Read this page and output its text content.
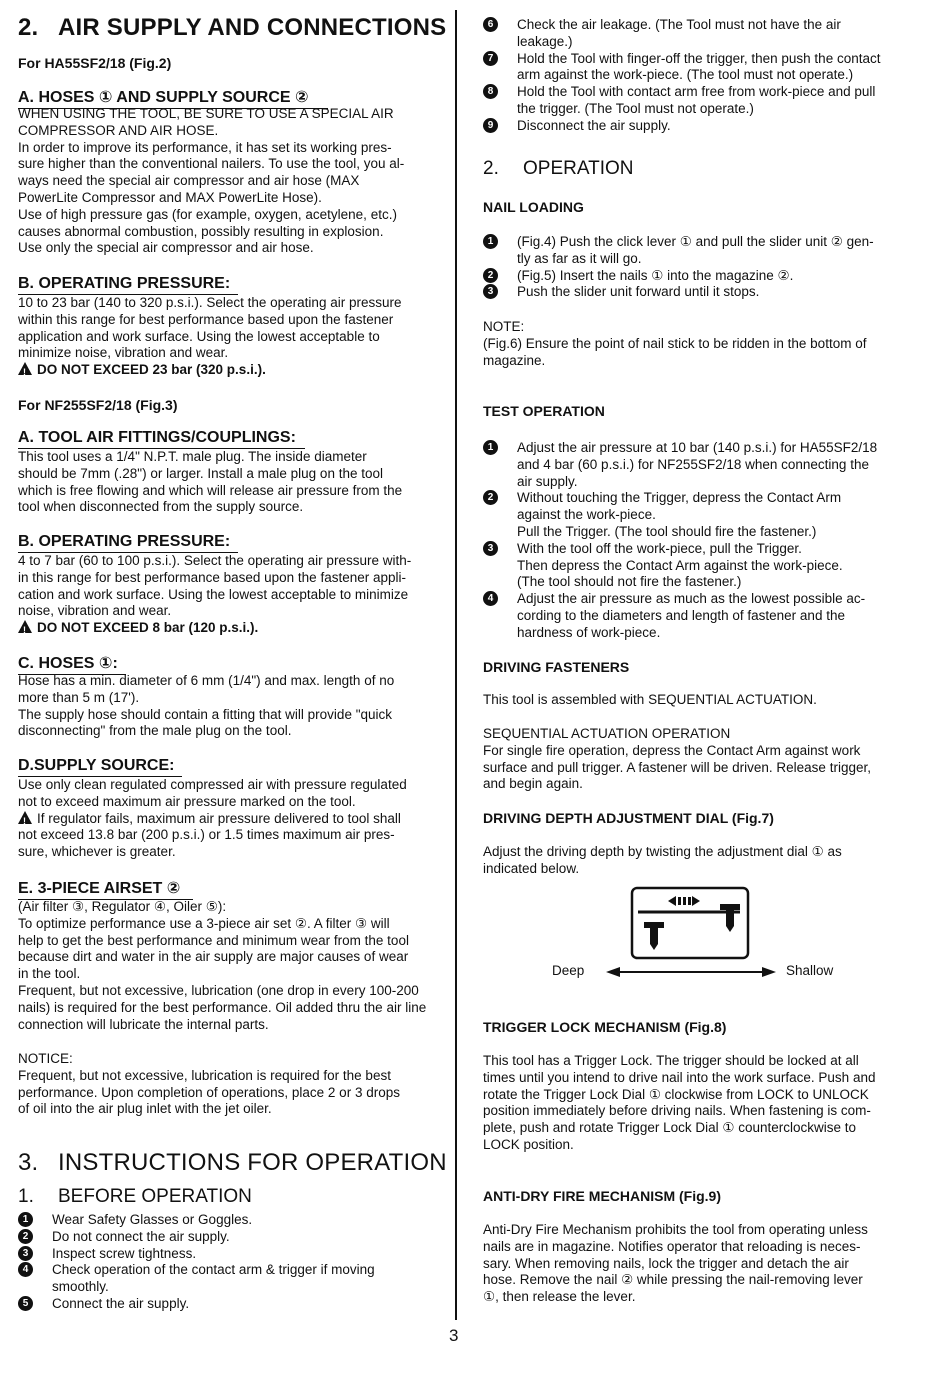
2. AIR SUPPLY AND CONNECTIONS
For HA55SF2/18 (Fig.2)
A. HOSES ① AND SUPPLY SOURCE ②
WHEN USING THE TOOL, BE SURE TO USE A SPECIAL AIR
COMPRESSOR AND AIR HOSE.
In order to improve its performance, it has set its working pres-
sure higher than the conventional nailers. To use the tool, you al-
ways need the special air compressor and air hose (MAX
PowerLite Compressor and MAX PowerLite Hose).
Use of high pressure gas (for example, oxygen, acetylene, etc.)
causes abnormal combustion, possibly resulting in explosion.
Use only the special air compressor and air hose.
B. OPERATING PRESSURE:
10 to 23 bar (140 to 320 p.s.i.). Select the operating air pressure
within this range for best performance based upon the fastener
application and work surface. Using the lowest acceptable to
minimize noise, vibration and wear.
!DO NOT EXCEED 23 bar (320 p.s.i.).
For NF255SF2/18 (Fig.3)
A. TOOL AIR FITTINGS/COUPLINGS:
This tool uses a 1/4" N.P.T. male plug. The inside diameter
should be 7mm (.28") or larger. Install a male plug on the tool
which is free flowing and which will release air pressure from the
tool when disconnected from the supply source.
B. OPERATING PRESSURE:
4 to 7 bar (60 to 100 p.s.i.). Select the operating air pressure with-
in this range for best performance based upon the fastener appli-
cation and work surface. Using the lowest acceptable to minimize
noise, vibration and wear.
!DO NOT EXCEED 8 bar (120 p.s.i.).
C. HOSES ①:
Hose has a min. diameter of 6 mm (1/4") and max. length of no
more than 5 m (17').
The supply hose should contain a fitting that will provide "quick
disconnecting" from the male plug on the tool.
D.SUPPLY SOURCE:
Use only clean regulated compressed air with pressure regulated
not to exceed maximum air pressure marked on the tool.
!If regulator fails, maximum air pressure delivered to tool shall
not exceed 13.8 bar (200 p.s.i.) or 1.5 times maximum air pres-
sure, whichever is greater.
E. 3-PIECE AIRSET ②
(Air filter ③, Regulator ④, Oiler ⑤):
To optimize performance use a 3-piece air set ②. A filter ③ will
help to get the best performance and minimum wear from the tool
because dirt and water in the air supply are major causes of wear
in the tool.
Frequent, but not excessive, lubrication (one drop in every 100-200
nails) is required for the best performance. Oil added thru the air line
connection will lubricate the internal parts.
NOTICE:
Frequent, but not excessive, lubrication is required for the best
performance. Upon completion of operations, place 2 or 3 drops
of oil into the air plug inlet with the jet oiler.
3. INSTRUCTIONS FOR OPERATION
1. BEFORE OPERATION
1	Wear Safety Glasses or Goggles.
2	Do not connect the air supply.
3	Inspect screw tightness.
4	Check operation of the contact arm & trigger if moving
smoothly.
5	Connect the air supply.
6	Check the air leakage. (The Tool must not have the air
leakage.)
7	Hold the Tool with finger-off the trigger, then push the contact
arm against the work-piece. (The tool must not operate.)
8	Hold the Tool with contact arm free from work-piece and pull
the trigger. (The Tool must not operate.)
9	Disconnect the air supply.
2. OPERATION
NAIL LOADING
1	(Fig.4) Push the click lever ① and pull the slider unit ② gen-
tly as far as it will go.
2	(Fig.5) Insert the nails ① into the magazine ②.
3	Push the slider unit forward until it stops.
NOTE:
(Fig.6) Ensure the point of nail stick to be ridden in the bottom of
magazine.
TEST OPERATION
1	Adjust the air pressure at 10 bar (140 p.s.i.) for HA55SF2/18
and 4 bar (60 p.s.i.) for NF255SF2/18 when connecting the
air supply.
2	Without touching the Trigger, depress the Contact Arm
against the work-piece.
Pull the Trigger. (The tool should fire the fastener.)
3	With the tool off the work-piece, pull the Trigger.
Then depress the Contact Arm against the work-piece.
(The tool should not fire the fastener.)
4	Adjust the air pressure as much as the lowest possible ac-
cording to the diameters and length of fastener and the
hardness of work-piece.
DRIVING FASTENERS
This tool is assembled with SEQUENTIAL ACTUATION.
SEQUENTIAL ACTUATION OPERATION
For single fire operation, depress the Contact Arm against work
surface and pull trigger. A fastener will be driven. Release trigger,
and begin again.
DRIVING DEPTH ADJUSTMENT DIAL (Fig.7)
Adjust the driving depth by twisting the adjustment dial ① as
indicated below.
TRIGGER LOCK MECHANISM (Fig.8)
This tool has a Trigger Lock. The trigger should be locked at all
times until you intend to drive nail into the work surface. Push and
rotate the Trigger Lock Dial ① clockwise from LOCK to UNLOCK
position immediately before driving nails. When fastening is com-
plete, push and rotate Trigger Lock Dial ① counterclockwise to
LOCK position.
ANTI-DRY FIRE MECHANISM (Fig.9)
Anti-Dry Fire Mechanism prohibits the tool from operating unless
nails are in magazine. Notifies operator that reloading is neces-
sary. When removing nails, lock the trigger and detach the air
hose. Remove the nail ② while pressing the nail-removing lever
①, then release the lever.
Deep	Shallow
3
